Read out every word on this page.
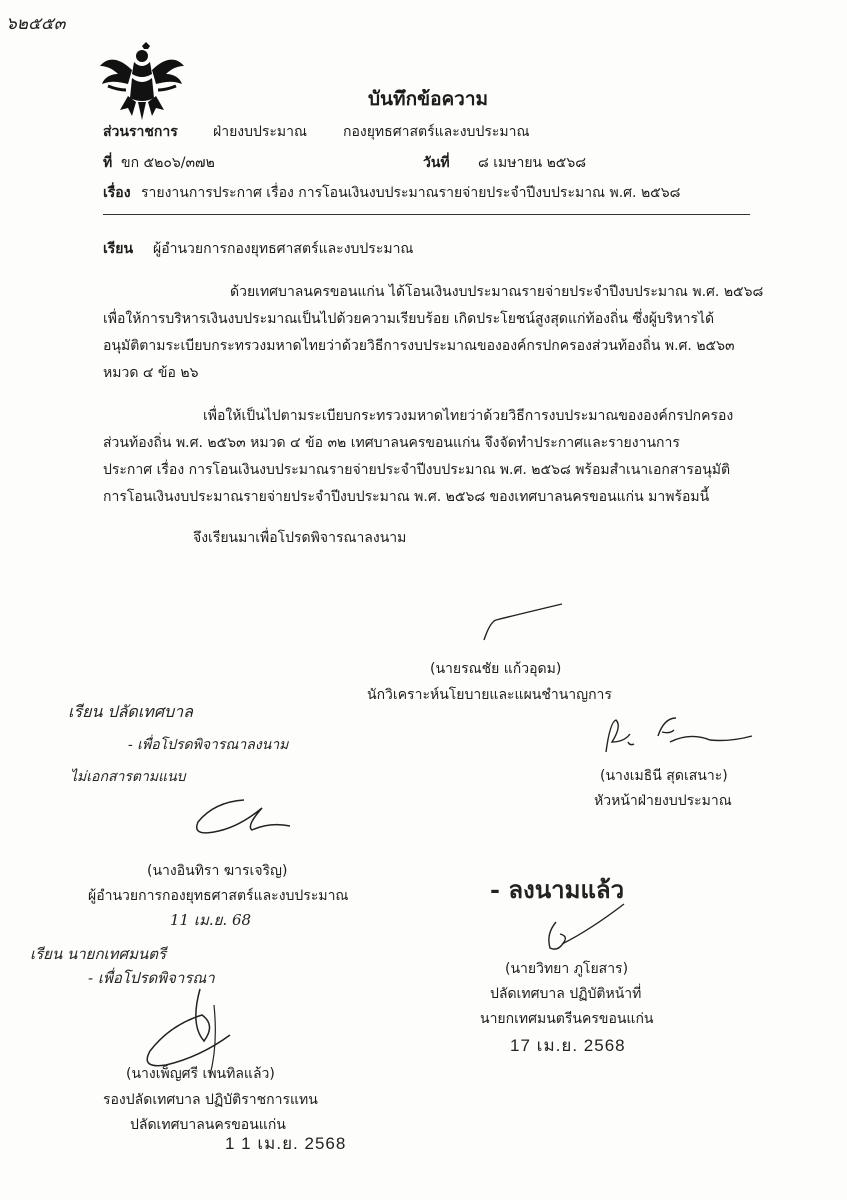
๖๒๕๕๓
บันทึกข้อความ
ส่วนราชการ	ฝ่ายงบประมาณ	กองยุทธศาสตร์และงบประมาณ
ที่ ขก ๕๒๐๖/๓๗๒	วันที่ ๘ เมษายน ๒๕๖๘
เรื่อง รายงานการประกาศ เรื่อง การโอนเงินงบประมาณรายจ่ายประจำปีงบประมาณ พ.ศ. ๒๕๖๘
เรียน ผู้อำนวยการกองยุทธศาสตร์และงบประมาณ
ด้วยเทศบาลนครขอนแก่น ได้โอนเงินงบประมาณรายจ่ายประจำปีงบประมาณ พ.ศ. ๒๕๖๘
เพื่อให้การบริหารเงินงบประมาณเป็นไปด้วยความเรียบร้อย เกิดประโยชน์สูงสุดแก่ท้องถิ่น ซึ่งผู้บริหารได้
อนุมัติตามระเบียบกระทรวงมหาดไทยว่าด้วยวิธีการงบประมาณขององค์กรปกครองส่วนท้องถิ่น พ.ศ. ๒๕๖๓
หมวด ๔ ข้อ ๒๖
เพื่อให้เป็นไปตามระเบียบกระทรวงมหาดไทยว่าด้วยวิธีการงบประมาณขององค์กรปกครอง
ส่วนท้องถิ่น พ.ศ. ๒๕๖๓ หมวด ๔ ข้อ ๓๒ เทศบาลนครขอนแก่น จึงจัดทำประกาศและรายงานการ
ประกาศ เรื่อง การโอนเงินงบประมาณรายจ่ายประจำปีงบประมาณ พ.ศ. ๒๕๖๘ พร้อมสำเนาเอกสารอนุมัติ
การโอนเงินงบประมาณรายจ่ายประจำปีงบประมาณ พ.ศ. ๒๕๖๘ ของเทศบาลนครขอนแก่น มาพร้อมนี้
จึงเรียนมาเพื่อโปรดพิจารณาลงนาม
(นายรณชัย แก้วอุดม)
นักวิเคราะห์นโยบายและแผนชำนาญการ
เรียน ปลัดเทศบาล
- เพื่อโปรดพิจารณาลงนาม
ไม่เอกสารตามแนบ	(นางเมธินี สุดเสนาะ)
หัวหน้าฝ่ายงบประมาณ
(นางอินทิรา ฆารเจริญ)
ผู้อำนวยการกองยุทธศาสตร์และงบประมาณ
11 เม.ย. 68
- ลงนามแล้ว
เรียน นายกเทศมนตรี
- เพื่อโปรดพิจารณา	(นายวิทยา ภูโยสาร)
ปลัดเทศบาล ปฏิบัติหน้าที่
นายกเทศมนตรีนครขอนแก่น
17 เม.ย. 2568
(นางเพ็ญศรี เพนทิลแล้ว)
รองปลัดเทศบาล ปฏิบัติราชการแทน
ปลัดเทศบาลนครขอนแก่น
1 1 เม.ย. 2568
